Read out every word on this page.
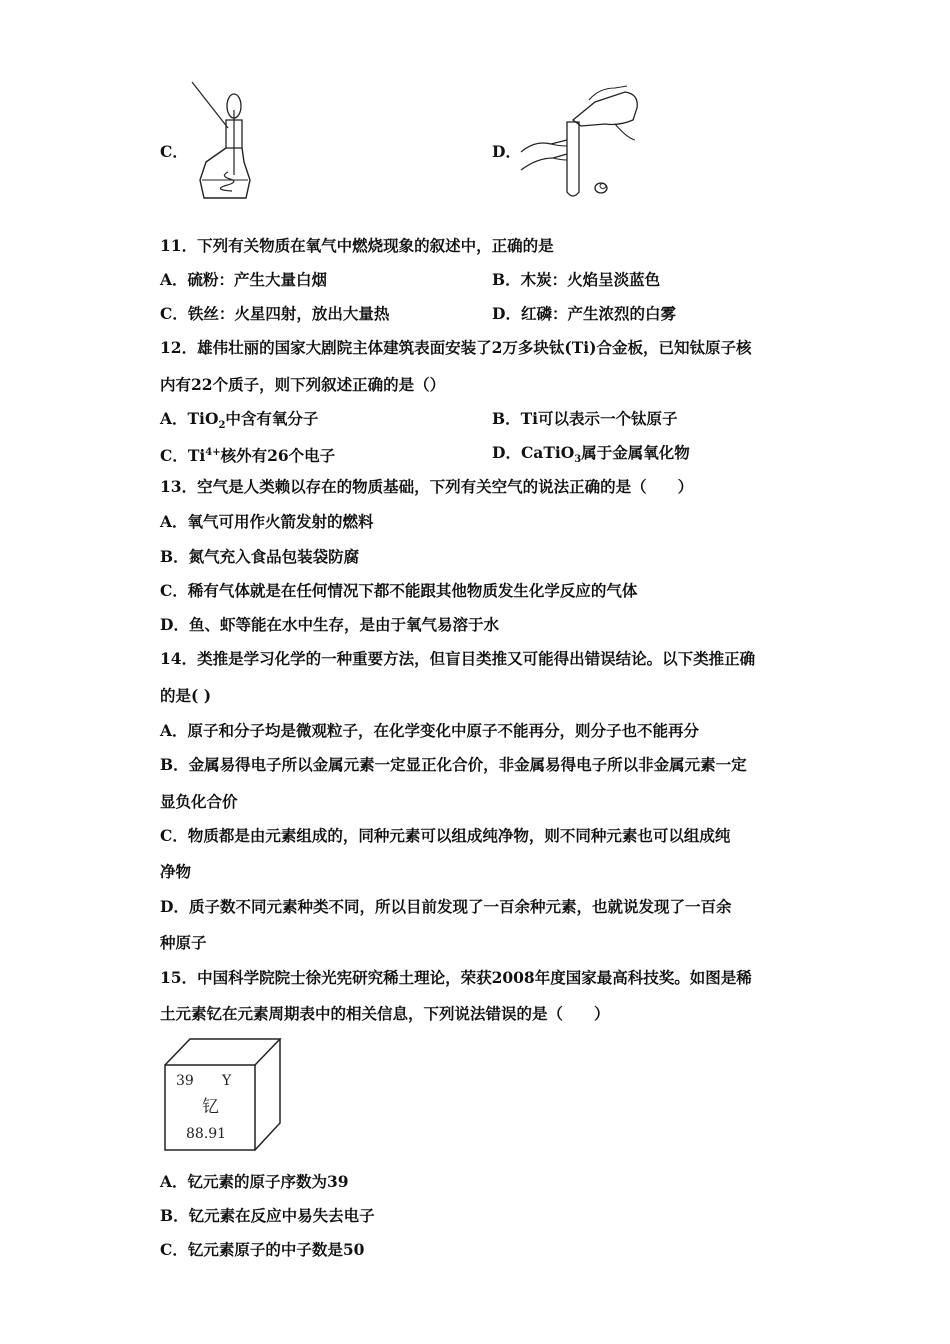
C．	D．
11．下列有关物质在氧气中燃烧现象的叙述中，正确的是
A．硫粉：产生大量白烟	B．木炭：火焰呈淡蓝色
C．铁丝：火星四射，放出大量热	D．红磷：产生浓烈的白雾
12．雄伟壮丽的国家大剧院主体建筑表面安装了2万多块钛(Ti)合金板，已知钛原子核
内有22个质子，则下列叙述正确的是（）
A．TiO$_2$中含有氧分子	B．Ti可以表示一个钛原子
C．$Ti^{4+}$核外有26个电子	D．CaTiO$_3$属于金属氧化物
13．空气是人类赖以存在的物质基础，下列有关空气的说法正确的是（　　）
A．氧气可用作火箭发射的燃料
B．氮气充入食品包装袋防腐
C．稀有气体就是在任何情况下都不能跟其他物质发生化学反应的气体
D．鱼、虾等能在水中生存，是由于氧气易溶于水
14．类推是学习化学的一种重要方法，但盲目类推又可能得出错误结论。以下类推正确
的是( )
A．原子和分子均是微观粒子，在化学变化中原子不能再分，则分子也不能再分
B．金属易得电子所以金属元素一定显正化合价，非金属易得电子所以非金属元素一定
显负化合价
C．物质都是由元素组成的，同种元素可以组成纯净物，则不同种元素也可以组成纯
净物
D．质子数不同元素种类不同，所以目前发现了一百余种元素，也就说发现了一百余
种原子
15．中国科学院院士徐光宪研究稀土理论，荣获2008年度国家最高科技奖。如图是稀
土元素钇在元素周期表中的相关信息，下列说法错误的是（　　）
39 Y
钇
88.91
A．钇元素的原子序数为39
B．钇元素在反应中易失去电子
C．钇元素原子的中子数是50
